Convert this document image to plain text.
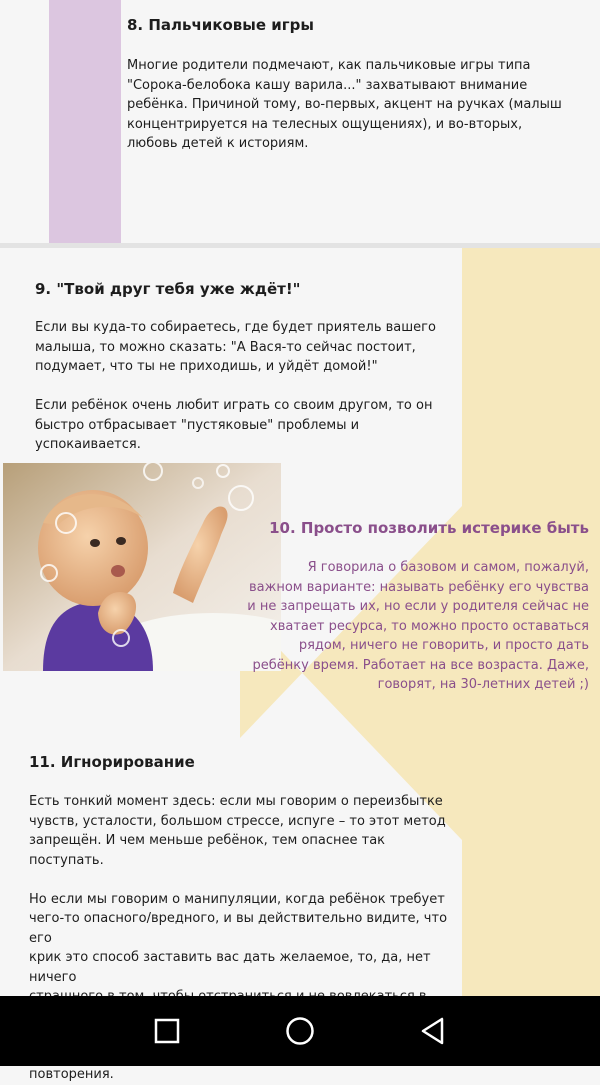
8. Пальчиковые игры

Многие родители подмечают, как пальчиковые игры типа

"Сорока-белобока кашу варила..." захватывают внимание

ребёнка. Причиной тому, во-первых, акцент на ручках (малыш

концентрируется на телесных ощущениях), и во-вторых,

любовь детей к историям.

9. "Твой друг тебя уже ждёт!"

Если вы куда-то собираетесь, где будет приятель вашего

малыша, то можно сказать: "А Вася-то сейчас постоит,

подумает, что ты не приходишь, и уйдёт домой!"

Если ребёнок очень любит играть со своим другом, то он

быстро отбрасывает "пустяковые" проблемы и

успокаивается.

10. Просто позволить истерике быть

Я говорила о базовом и самом, пожалуй,

важном варианте: называть ребёнку его чувства

и не запрещать их, но если у родителя сейчас не

хватает ресурса, то можно просто оставаться

рядом, ничего не говорить, и просто дать

ребёнку время. Работает на все возраста. Даже,

говорят, на 30-летних детей ;)

11. Игнорирование

Есть тонкий момент здесь: если мы говорим о переизбытке

чувств, усталости, большом стрессе, испуге – то этот метод

запрещён. И чем меньше ребёнок, тем опаснее так поступать.

Но если мы говорим о манипуляции, когда ребёнок требует

чего-то опасного/вредного, и вы действительно видите, что его

крик это способ заставить вас дать желаемое, то, да, нет ничего

повторения.
